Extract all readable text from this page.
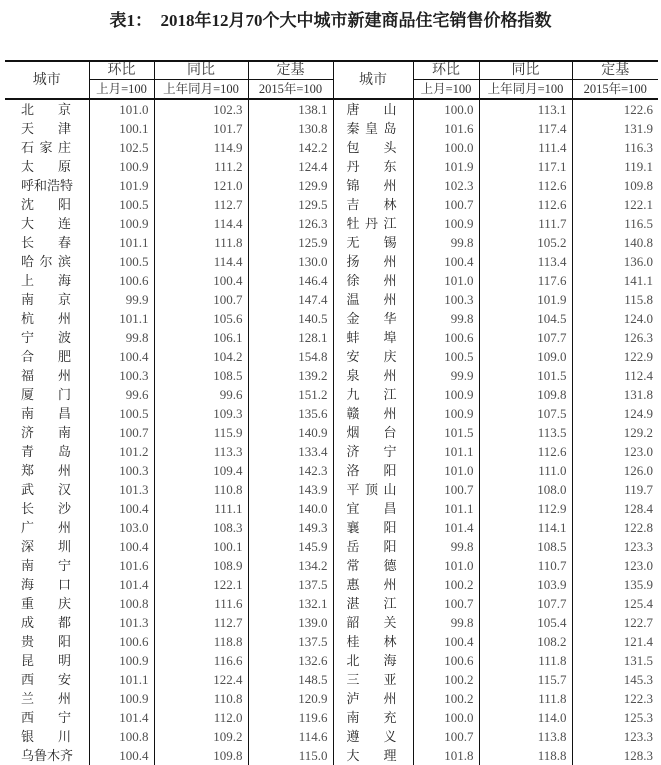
表1：  2018年12月70个大中城市新建商品住宅销售价格指数
城市	环比	同比	定基	城市	环比	同比	定基
	上月=100	上年同月=100	2015年=100		上月=100	上年同月=100	2015年=100
北京	101.0	102.3	138.1	唐山	100.0	113.1	122.6
天津	100.1	101.7	130.8	秦皇岛	101.6	117.4	131.9
石家庄	102.5	114.9	142.2	包头	100.0	111.4	116.3
太原	100.9	111.2	124.4	丹东	101.9	117.1	119.1
呼和浩特	101.9	121.0	129.9	锦州	102.3	112.6	109.8
沈阳	100.5	112.7	129.5	吉林	100.7	112.6	122.1
大连	100.9	114.4	126.3	牡丹江	100.9	111.7	116.5
长春	101.1	111.8	125.9	无锡	99.8	105.2	140.8
哈尔滨	100.5	114.4	130.0	扬州	100.4	113.4	136.0
上海	100.6	100.4	146.4	徐州	101.0	117.6	141.1
南京	99.9	100.7	147.4	温州	100.3	101.9	115.8
杭州	101.1	105.6	140.5	金华	99.8	104.5	124.0
宁波	99.8	106.1	128.1	蚌埠	100.6	107.7	126.3
合肥	100.4	104.2	154.8	安庆	100.5	109.0	122.9
福州	100.3	108.5	139.2	泉州	99.9	101.5	112.4
厦门	99.6	99.6	151.2	九江	100.9	109.8	131.8
南昌	100.5	109.3	135.6	赣州	100.9	107.5	124.9
济南	100.7	115.9	140.9	烟台	101.5	113.5	129.2
青岛	101.2	113.3	133.4	济宁	101.1	112.6	123.0
郑州	100.3	109.4	142.3	洛阳	101.0	111.0	126.0
武汉	101.3	110.8	143.9	平顶山	100.7	108.0	119.7
长沙	100.4	111.1	140.0	宜昌	101.1	112.9	128.4
广州	103.0	108.3	149.3	襄阳	101.4	114.1	122.8
深圳	100.4	100.1	145.9	岳阳	99.8	108.5	123.3
南宁	101.6	108.9	134.2	常德	101.0	110.7	123.0
海口	101.4	122.1	137.5	惠州	100.2	103.9	135.9
重庆	100.8	111.6	132.1	湛江	100.7	107.7	125.4
成都	101.3	112.7	139.0	韶关	99.8	105.4	122.7
贵阳	100.6	118.8	137.5	桂林	100.4	108.2	121.4
昆明	100.9	116.6	132.6	北海	100.6	111.8	131.5
西安	101.1	122.4	148.5	三亚	100.2	115.7	145.3
兰州	100.9	110.8	120.9	泸州	100.2	111.8	122.3
西宁	101.4	112.0	119.6	南充	100.0	114.0	125.3
银川	100.8	109.2	114.6	遵义	100.7	113.8	123.3
乌鲁木齐	100.4	109.8	115.0	大理	101.8	118.8	128.3
